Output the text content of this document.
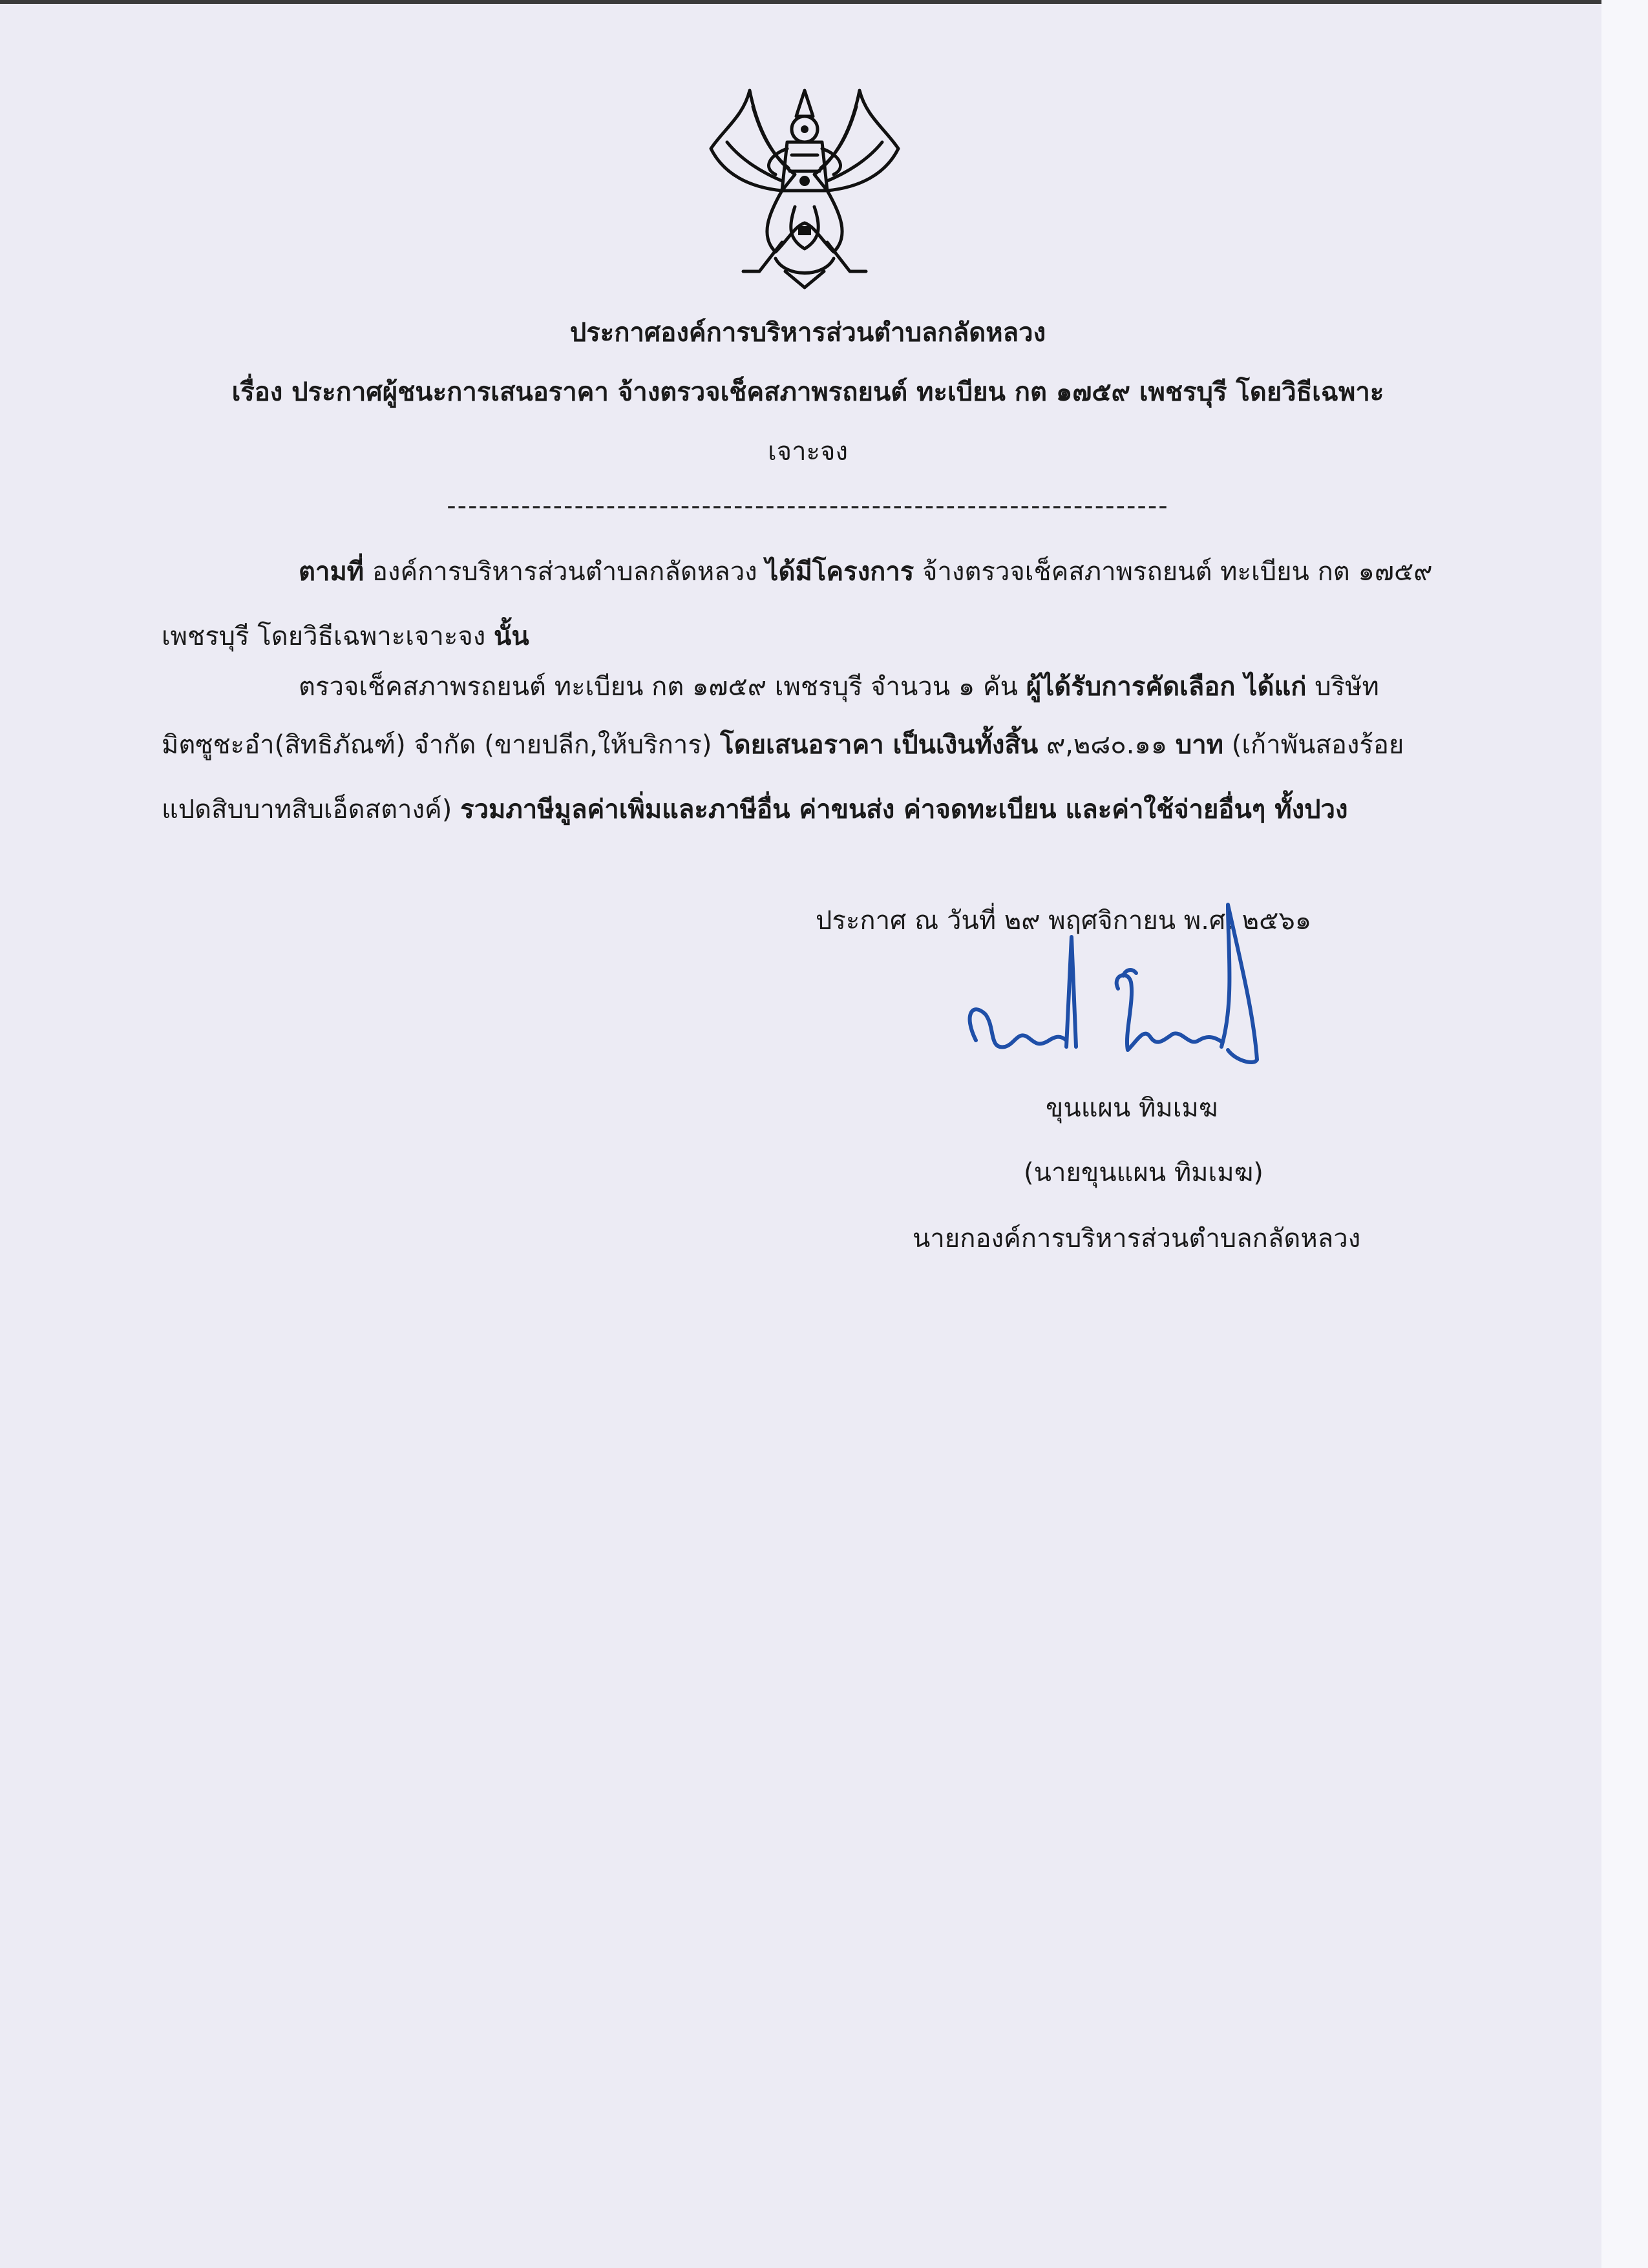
ประกาศองค์การบริหารส่วนตำบลกลัดหลวง
เรื่อง ประกาศผู้ชนะการเสนอราคา จ้างตรวจเช็คสภาพรถยนต์ ทะเบียน กต ๑๗๕๙ เพชรบุรี โดยวิธีเฉพาะ
เจาะจง
--------------------------------------------------------------------
ตามที่ องค์การบริหารส่วนตำบลกลัดหลวง ได้มีโครงการ จ้างตรวจเช็คสภาพรถยนต์ ทะเบียน กต ๑๗๕๙
เพชรบุรี โดยวิธีเฉพาะเจาะจง นั้น
ตรวจเช็คสภาพรถยนต์ ทะเบียน กต ๑๗๕๙ เพชรบุรี จำนวน ๑ คัน ผู้ได้รับการคัดเลือก ได้แก่ บริษัท
มิตซูชะอำ(สิทธิภัณฑ์) จำกัด (ขายปลีก,ให้บริการ) โดยเสนอราคา เป็นเงินทั้งสิ้น ๙,๒๘๐.๑๑ บาท (เก้าพันสองร้อย
แปดสิบบาทสิบเอ็ดสตางค์) รวมภาษีมูลค่าเพิ่มและภาษีอื่น ค่าขนส่ง ค่าจดทะเบียน และค่าใช้จ่ายอื่นๆ ทั้งปวง
ประกาศ ณ วันที่ ๒๙ พฤศจิกายน พ.ศ. ๒๕๖๑
ขุนแผน ทิมเมฆ
(นายขุนแผน ทิมเมฆ)
นายกองค์การบริหารส่วนตำบลกลัดหลวง
